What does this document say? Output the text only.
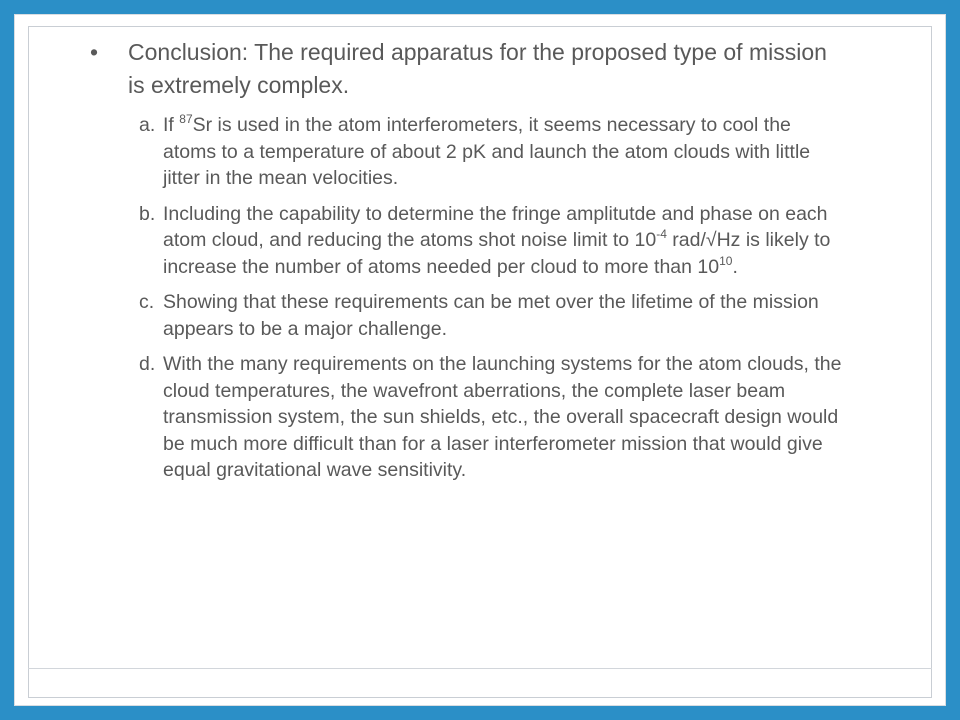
• Conclusion: The required apparatus for the proposed type of mission is extremely complex.
a. If $^{87}$Sr is used in the atom interferometers, it seems necessary to cool the atoms to a temperature of about 2 pK and launch the atom clouds with little jitter in the mean velocities.
b. Including the capability to determine the fringe amplitutde and phase on each atom cloud, and reducing the atoms shot noise limit to $10^{-4}$ rad/√Hz is likely to increase the number of atoms needed per cloud to more than $10^{10}$.
c. Showing that these requirements can be met over the lifetime of the mission appears to be a major challenge.
d. With the many requirements on the launching systems for the atom clouds, the cloud temperatures, the wavefront aberrations, the complete laser beam transmission system, the sun shields, etc., the overall spacecraft design would be much more difficult than for a laser interferometer mission that would give equal gravitational wave sensitivity.
